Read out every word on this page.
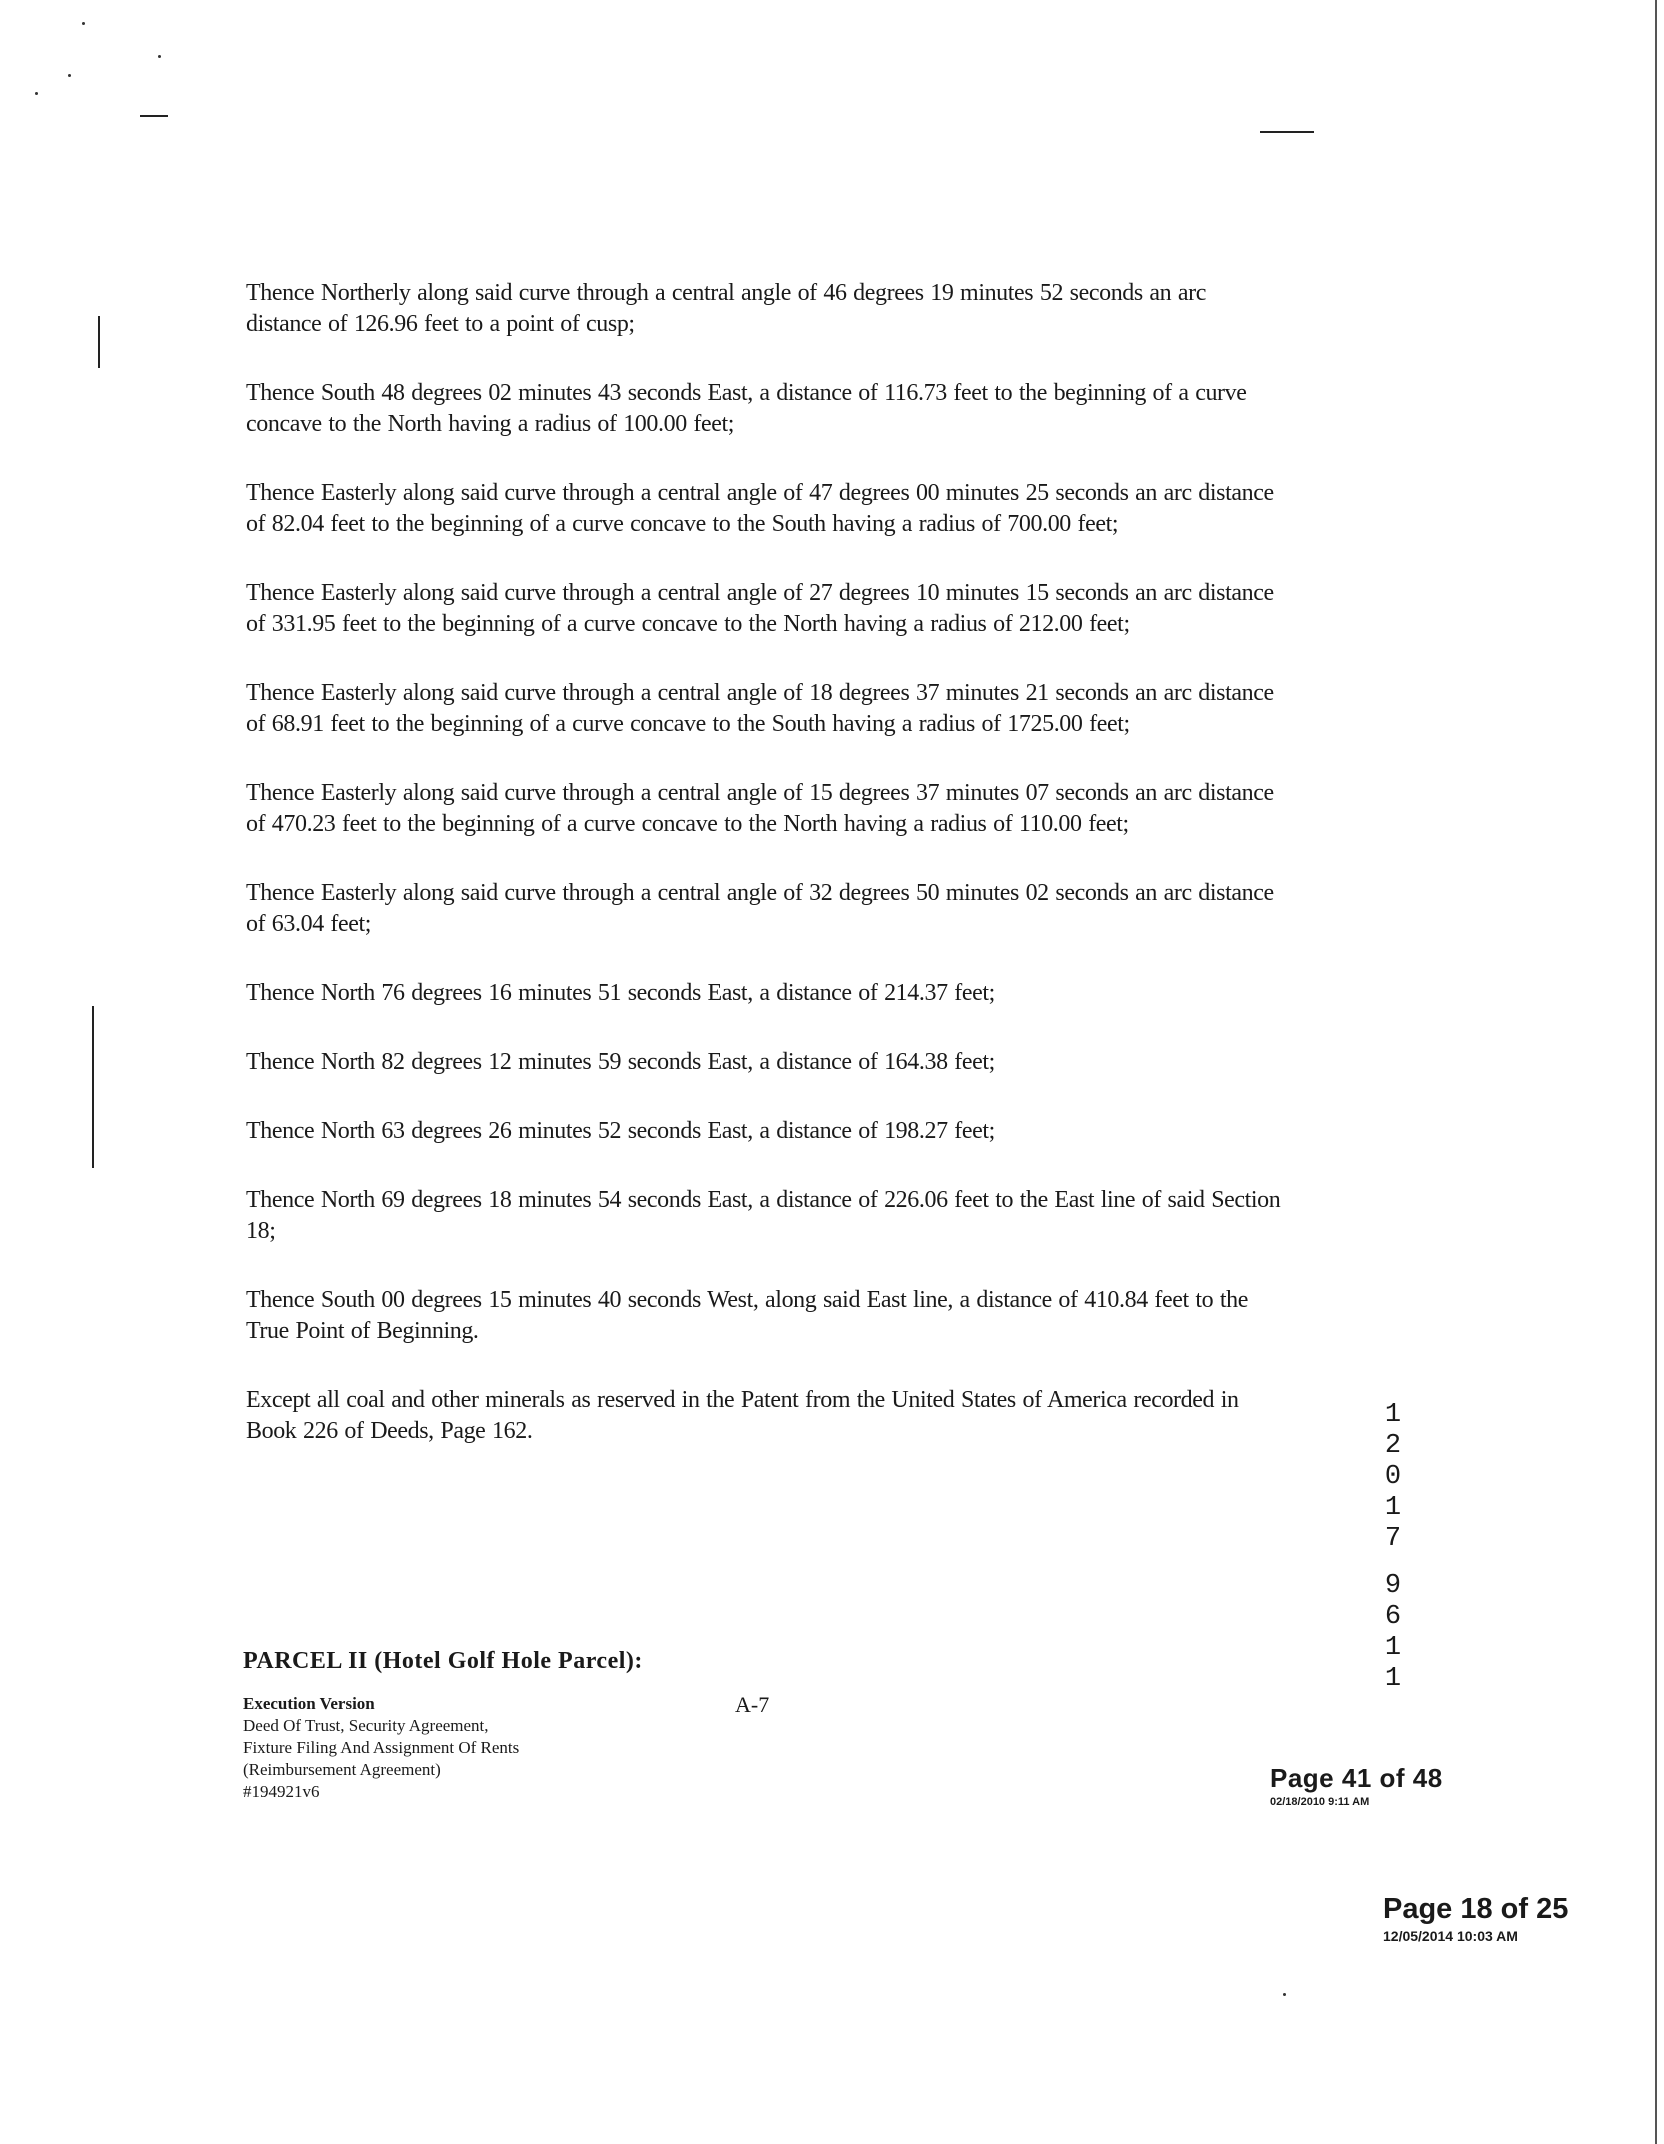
Thence Northerly along said curve through a central angle of 46 degrees 19 minutes 52 seconds an arc distance of 126.96 feet to a point of cusp;

Thence South 48 degrees 02 minutes 43 seconds East, a distance of 116.73 feet to the beginning of a curve concave to the North having a radius of 100.00 feet;

Thence Easterly along said curve through a central angle of 47 degrees 00 minutes 25 seconds an arc distance of 82.04 feet to the beginning of a curve concave to the South having a radius of 700.00 feet;

Thence Easterly along said curve through a central angle of 27 degrees 10 minutes 15 seconds an arc distance of 331.95 feet to the beginning of a curve concave to the North having a radius of 212.00 feet;

Thence Easterly along said curve through a central angle of 18 degrees 37 minutes 21 seconds an arc distance of 68.91 feet to the beginning of a curve concave to the South having a radius of 1725.00 feet;

Thence Easterly along said curve through a central angle of 15 degrees 37 minutes 07 seconds an arc distance of 470.23 feet to the beginning of a curve concave to the North having a radius of 110.00 feet;

Thence Easterly along said curve through a central angle of 32 degrees 50 minutes 02 seconds an arc distance of 63.04 feet;

Thence North 76 degrees 16 minutes 51 seconds East, a distance of 214.37 feet;

Thence North 82 degrees 12 minutes 59 seconds East, a distance of 164.38 feet;

Thence North 63 degrees 26 minutes 52 seconds East, a distance of 198.27 feet;

Thence North 69 degrees 18 minutes 54 seconds East, a distance of 226.06 feet to the East line of said Section 18;

Thence South 00 degrees 15 minutes 40 seconds West, along said East line, a distance of 410.84 feet to the True Point of Beginning.

Except all coal and other minerals as reserved in the Patent from the United States of America recorded in Book 226 of Deeds, Page 162.

PARCEL II (Hotel Golf Hole Parcel):
Execution Version
Deed Of Trust, Security Agreement,
Fixture Filing And Assignment Of Rents
(Reimbursement Agreement)
#194921v6
A-7
1
2
0
1
7
9
6
1
1
Page 41 of 48
02/18/2010 9:11 AM
Page 18 of 25
12/05/2014 10:03 AM
